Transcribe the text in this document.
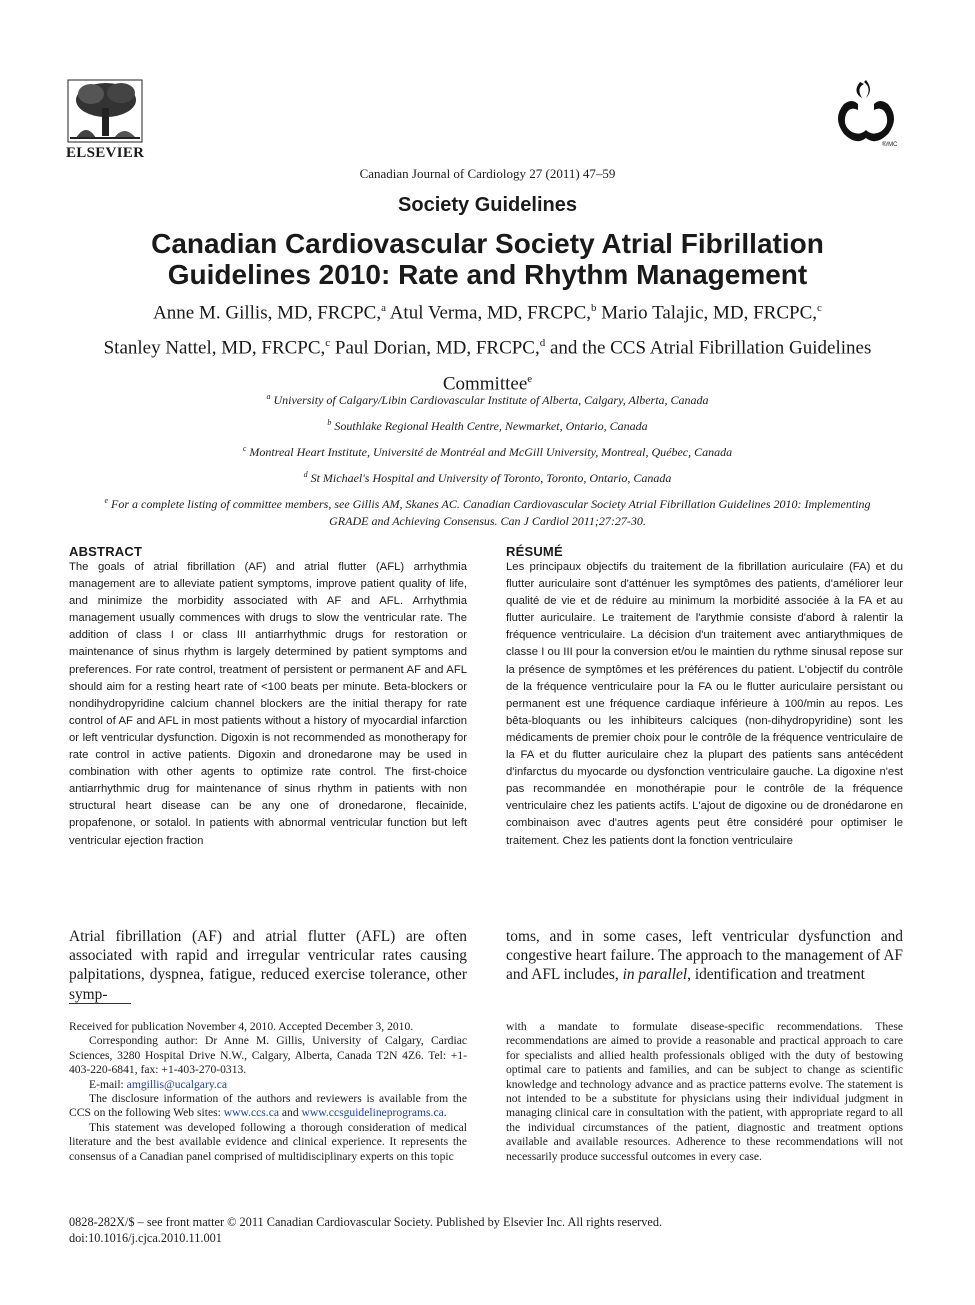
ELSEVIER	®/MC
Canadian Journal of Cardiology 27 (2011) 47–59
Society Guidelines
Canadian Cardiovascular Society Atrial Fibrillation
Guidelines 2010: Rate and Rhythm Management
Anne M. Gillis, MD, FRCPC,$^a$ Atul Verma, MD, FRCPC,$^b$ Mario Talajic, MD, FRCPC,$^c$
Stanley Nattel, MD, FRCPC,$^c$ Paul Dorian, MD, FRCPC,$^d$ and the CCS Atrial Fibrillation Guidelines Committee$^e$
$^a$ University of Calgary/Libin Cardiovascular Institute of Alberta, Calgary, Alberta, Canada
$^b$ Southlake Regional Health Centre, Newmarket, Ontario, Canada
$^c$ Montreal Heart Institute, Université de Montréal and McGill University, Montreal, Québec, Canada
$^d$ St Michael's Hospital and University of Toronto, Toronto, Ontario, Canada
$^e$ For a complete listing of committee members, see Gillis AM, Skanes AC. Canadian Cardiovascular Society Atrial Fibrillation Guidelines 2010: Implementing GRADE and Achieving Consensus. Can J Cardiol 2011;27:27-30.
ABSTRACT
The goals of atrial fibrillation (AF) and atrial flutter (AFL) arrhythmia management are to alleviate patient symptoms, improve patient quality of life, and minimize the morbidity associated with AF and AFL. Arrhythmia management usually commences with drugs to slow the ventricular rate. The addition of class I or class III antiarrhythmic drugs for restoration or maintenance of sinus rhythm is largely determined by patient symptoms and preferences. For rate control, treatment of persistent or permanent AF and AFL should aim for a resting heart rate of <100 beats per minute. Beta-blockers or nondihydropyridine calcium channel blockers are the initial therapy for rate control of AF and AFL in most patients without a history of myocardial infarction or left ventricular dysfunction. Digoxin is not recommended as monotherapy for rate control in active patients. Digoxin and dronedarone may be used in combination with other agents to optimize rate control. The first-choice antiarrhythmic drug for maintenance of sinus rhythm in patients with non structural heart disease can be any one of dronedarone, flecainide, propafenone, or sotalol. In patients with abnormal ventricular function but left ventricular ejection fraction
RÉSUMÉ
Les principaux objectifs du traitement de la fibrillation auriculaire (FA) et du flutter auriculaire sont d'atténuer les symptômes des patients, d'améliorer leur qualité de vie et de réduire au minimum la morbidité associée à la FA et au flutter auriculaire. Le traitement de l'arythmie consiste d'abord à ralentir la fréquence ventriculaire. La décision d'un traitement avec antiarythmiques de classe I ou III pour la conversion et/ou le maintien du rythme sinusal repose sur la présence de symptômes et les préférences du patient. L'objectif du contrôle de la fréquence ventriculaire pour la FA ou le flutter auriculaire persistant ou permanent est une fréquence cardiaque inférieure à 100/min au repos. Les bêta-bloquants ou les inhibiteurs calciques (non-dihydropyridine) sont les médicaments de premier choix pour le contrôle de la fréquence ventriculaire de la FA et du flutter auriculaire chez la plupart des patients sans antécédent d'infarctus du myocarde ou dysfonction ventriculaire gauche. La digoxine n'est pas recommandée en monothérapie pour le contrôle de la fréquence ventriculaire chez les patients actifs. L'ajout de digoxine ou de dronédarone en combinaison avec d'autres agents peut être considéré pour optimiser le traitement. Chez les patients dont la fonction ventriculaire
Atrial fibrillation (AF) and atrial flutter (AFL) are often associated with rapid and irregular ventricular rates causing palpitations, dyspnea, fatigue, reduced exercise tolerance, other symp-
toms, and in some cases, left ventricular dysfunction and congestive heart failure. The approach to the management of AF and AFL includes, in parallel, identification and treatment

Received for publication November 4, 2010. Accepted December 3, 2010.

Corresponding author: Dr Anne M. Gillis, University of Calgary, Cardiac Sciences, 3280 Hospital Drive N.W., Calgary, Alberta, Canada T2N 4Z6. Tel: +1-403-220-6841, fax: +1-403-270-0313.

E-mail: amgillis@ucalgary.ca

The disclosure information of the authors and reviewers is available from the CCS on the following Web sites: www.ccs.ca and www.ccsguidelineprograms.ca.

This statement was developed following a thorough consideration of medical literature and the best available evidence and clinical experience. It represents the consensus of a Canadian panel comprised of multidisciplinary experts on this topic

with a mandate to formulate disease-specific recommendations. These recommendations are aimed to provide a reasonable and practical approach to care for specialists and allied health professionals obliged with the duty of bestowing optimal care to patients and families, and can be subject to change as scientific knowledge and technology advance and as practice patterns evolve. The statement is not intended to be a substitute for physicians using their individual judgment in managing clinical care in consultation with the patient, with appropriate regard to all the individual circumstances of the patient, diagnostic and treatment options available and available resources. Adherence to these recommendations will not necessarily produce successful outcomes in every case.

0828-282X/$ – see front matter © 2011 Canadian Cardiovascular Society. Published by Elsevier Inc. All rights reserved.
doi:10.1016/j.cjca.2010.11.001
